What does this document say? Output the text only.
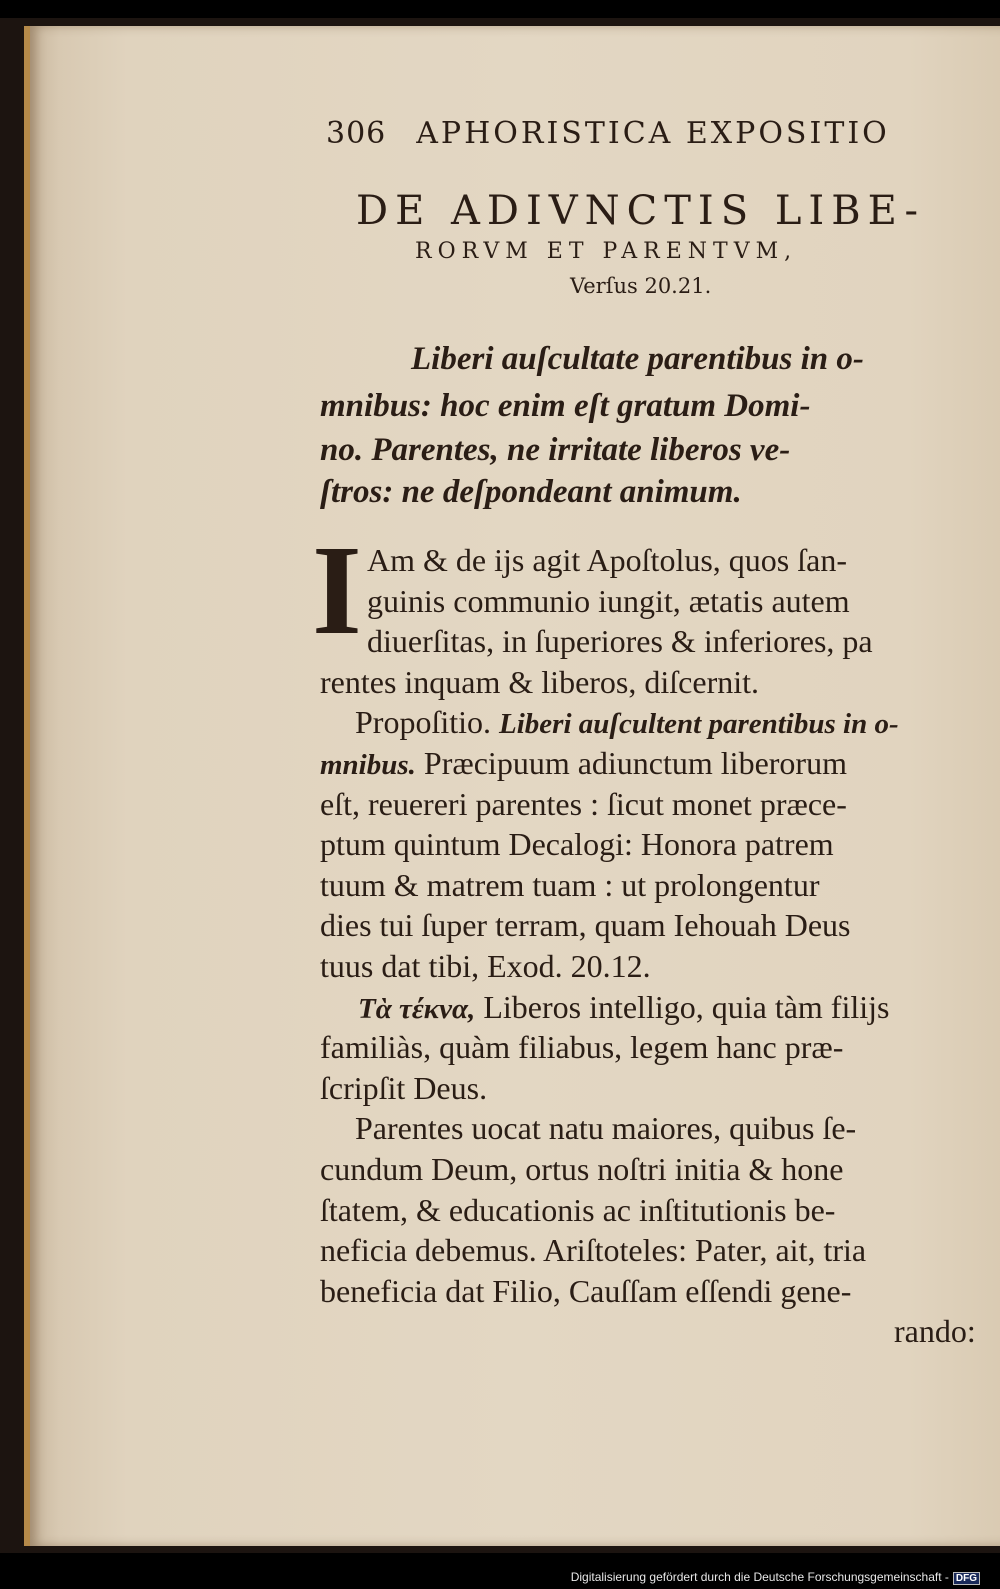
306 APHORISTICA EXPOSITIO
DE ADIVNCTIS LIBE-
RORVM ET PARENTVM,
Verſus 20.21.
Liberi auſcultate parentibus in o-
mnibus: hoc enim eſt gratum Domi-
no. Parentes, ne irritate liberos ve-
ſtros: ne deſpondeant animum.
I Am & de ijs agit Apoſtolus, quos ſan-
guinis communio iungit, ætatis autem
diuerſitas, in ſuperiores & inferiores, pa
rentes inquam & liberos, diſcernit.
Propoſitio. Liberi auſcultent parentibus in o-
mnibus. Præcipuum adiunctum liberorum
eſt, reuereri parentes : ſicut monet præce-
ptum quintum Decalogi: Honora patrem
tuum & matrem tuam : ut prolongentur
dies tui ſuper terram, quam Iehouah Deus
tuus dat tibi, Exod. 20.12.
Τὰ τέκνα, Liberos intelligo, quia tàm filijs
familiàs, quàm filiabus, legem hanc præ-
ſcripſit Deus.
Parentes uocat natu maiores, quibus ſe-
cundum Deum, ortus noſtri initia & hone
ſtatem, & educationis ac inſtitutionis be-
neficia debemus. Ariſtoteles: Pater, ait, tria
beneficia dat Filio, Cauſſam eſſendi gene-
rando:
Digitalisierung gefördert durch die Deutsche Forschungsgemeinschaft - DFG
